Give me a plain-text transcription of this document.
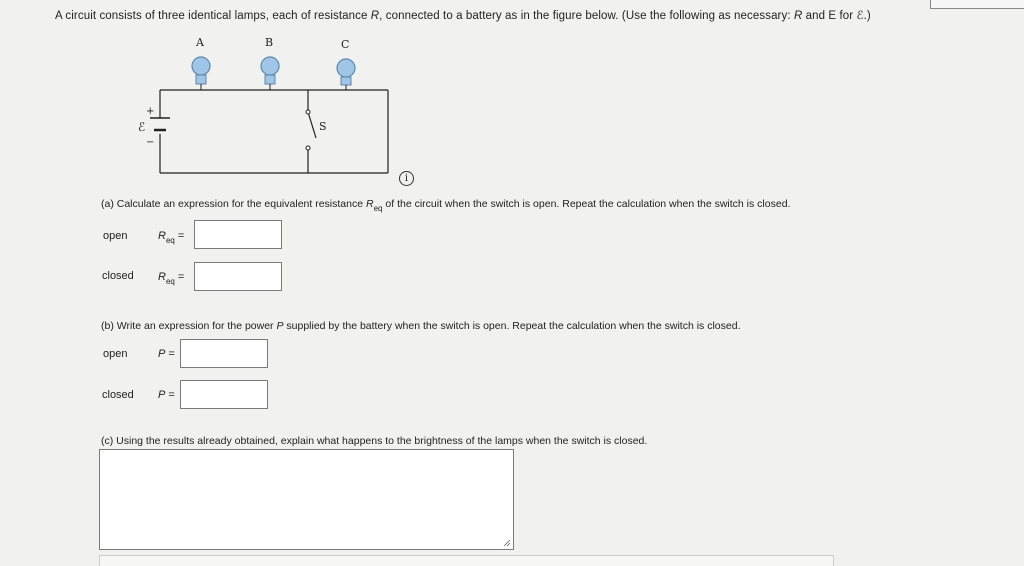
A circuit consists of three identical lamps, each of resistance R, connected to a battery as in the figure below. (Use the following as necessary: R and E for ℰ.)
A	B	C
S
ℰ
+
−
i
(a) Calculate an expression for the equivalent resistance $R_{eq}$ of the circuit when the switch is open. Repeat the calculation when the switch is closed.
open	$R_{eq}$ =
closed $R_{eq}$ =
(b) Write an expression for the power P supplied by the battery when the switch is open. Repeat the calculation when the switch is closed.
open	P =
closed P =
(c) Using the results already obtained, explain what happens to the brightness of the lamps when the switch is closed.
